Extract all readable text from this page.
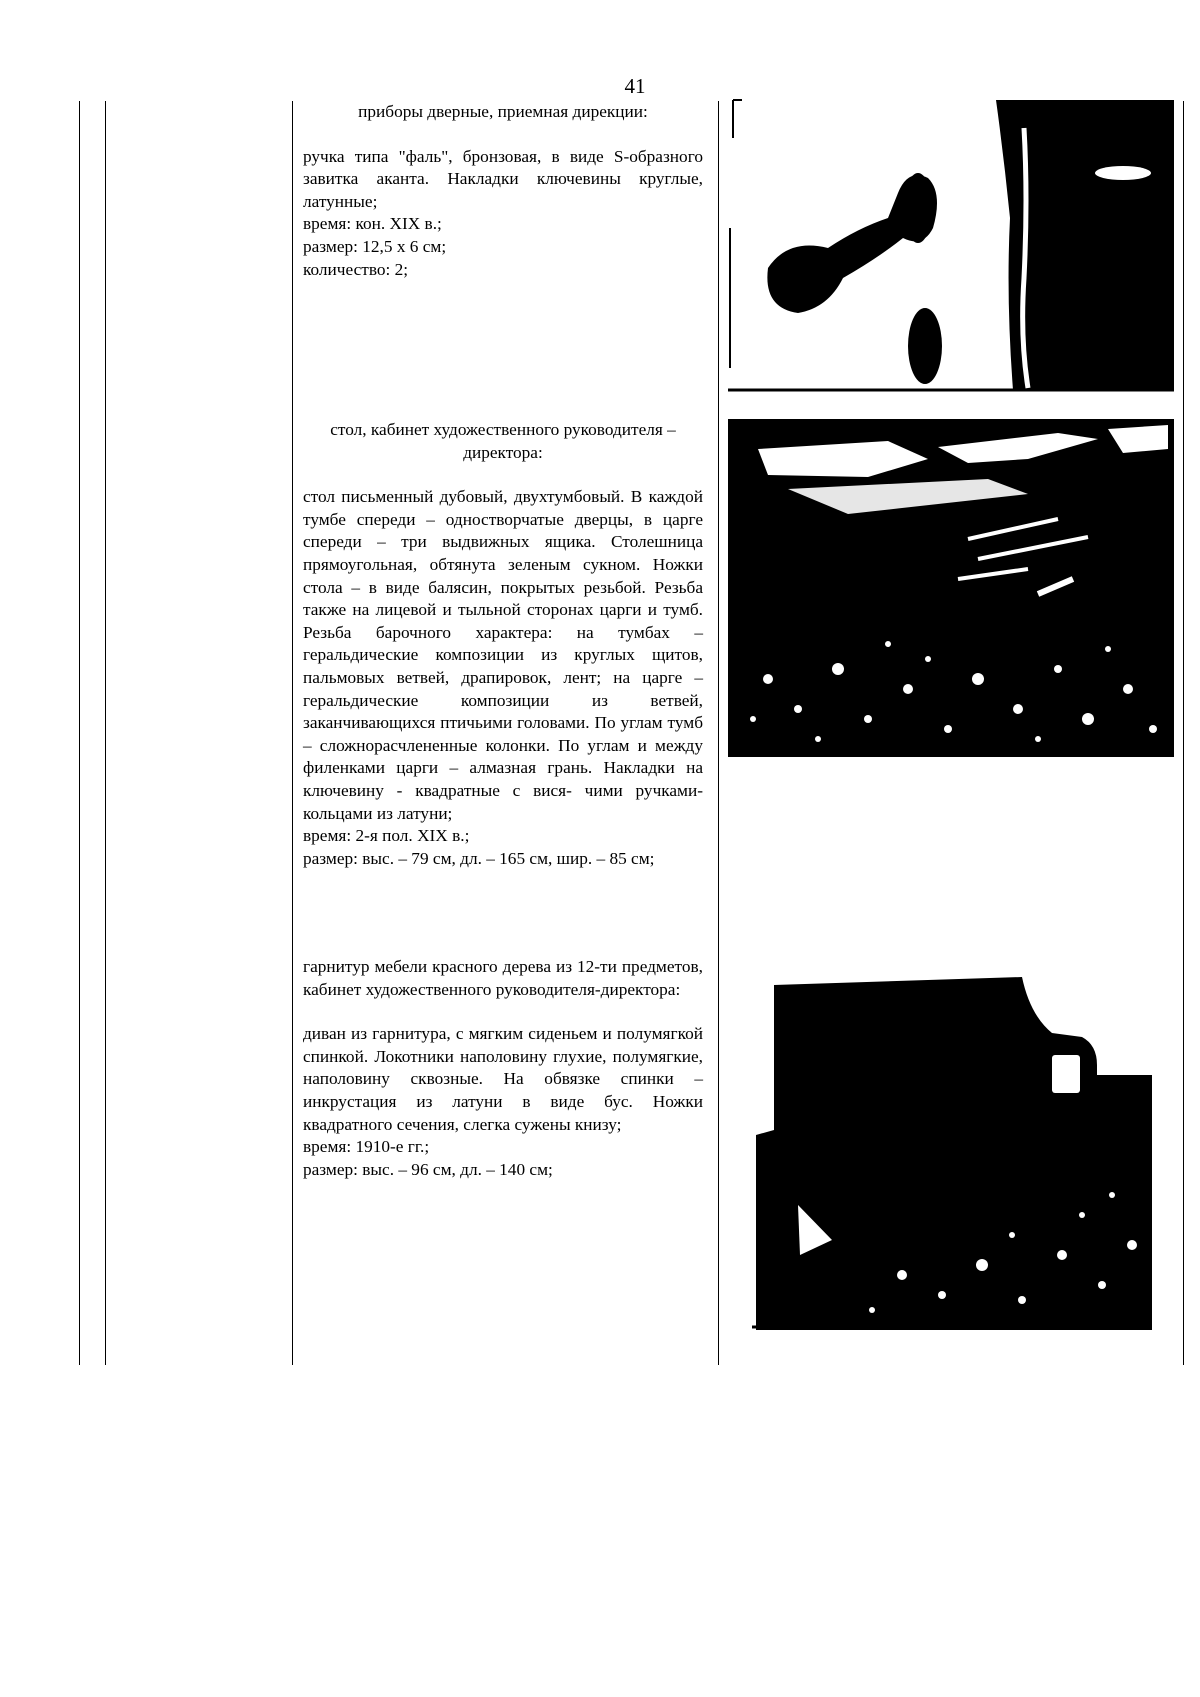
41
приборы дверные, приемная дирекции:
ручка типа "фаль", бронзовая, в виде S-образного завитка аканта. Накладки ключевины круглые, латунные;
время: кон. XIX в.;
размер: 12,5 х 6 см;
количество: 2;
стол, кабинет художественного руководителя – директора:
стол письменный дубовый, двухтумбовый. В каждой тумбе спереди – одностворчатые дверцы, в царге спереди – три выдвижных ящика. Столешница прямоугольная, обтянута зеленым сукном. Ножки стола – в виде балясин, покрытых резьбой. Резьба также на лицевой и тыльной сторонах царги и тумб. Резьба барочного характера: на тумбах – геральдические композиции из круглых щитов, пальмовых ветвей, драпировок, лент; на царге – геральдические композиции из ветвей, заканчивающихся птичьими головами. По углам тумб – сложнорасчлененные колонки. По углам и между филенками царги – алмазная грань. Накладки на ключевину - квадратные с вися- чими ручками-кольцами из латуни;
время: 2-я пол. XIX в.;
размер: выс. – 79 см, дл. – 165 см, шир. – 85 см;
гарнитур мебели красного дерева из 12-ти предметов, кабинет художественного руководителя-директора:
диван из гарнитура, с мягким сиденьем и полумягкой спинкой. Локотники наполовину глухие, полумягкие, наполовину сквозные. На обвязке спинки – инкрустация из латуни в виде бус. Ножки квадратного сечения, слегка сужены книзу;
время: 1910-е гг.;
размер: выс. – 96 см, дл. – 140 см;
